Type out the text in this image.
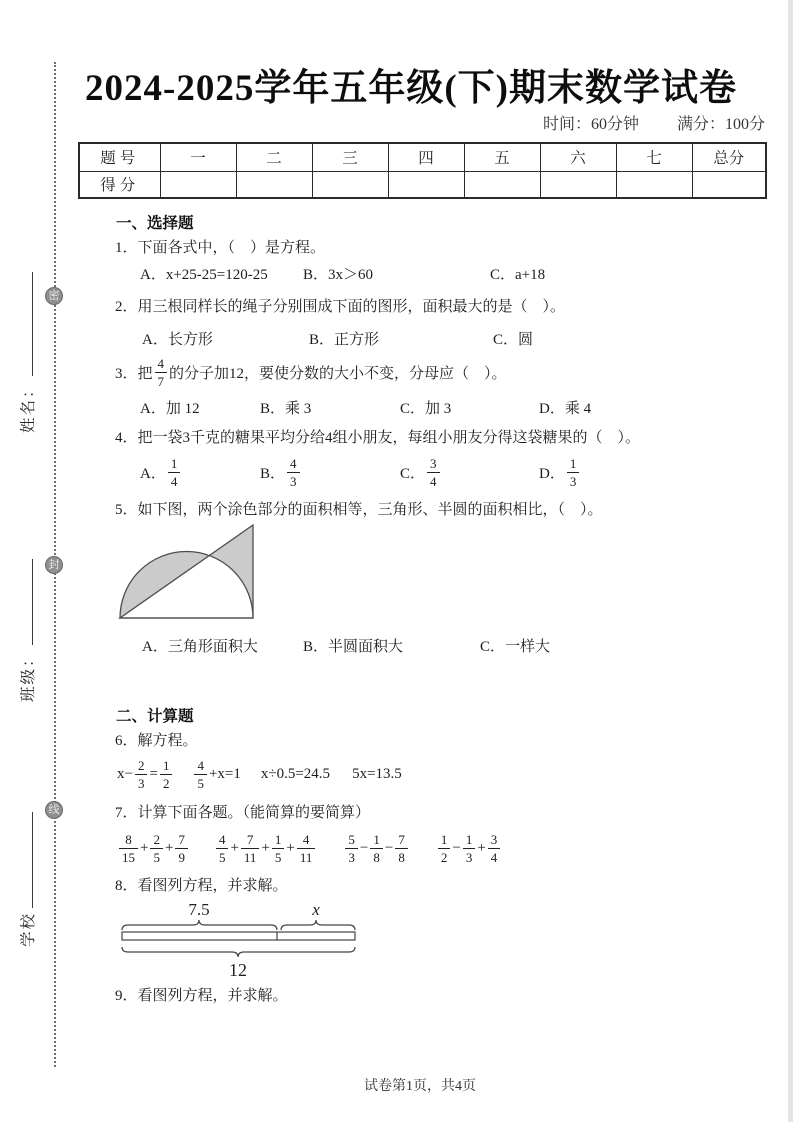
密
封
线
姓名：
班级：
学校
2024-2025学年五年级(下)期末数学试卷
时间：60分钟 满分：100分
题号	一	二	三	四	五	六	七	总分
得分								
一、选择题
1．下面各式中，（　）是方程。
A．x+25-25=120-25	B．3x＞60	C．a+18
2．用三根同样长的绳子分别围成下面的图形，面积最大的是（　）。
A．长方形	B．正方形	C．圆
3．把 $\frac{4}{7}$ 的分子加12，要使分数的大小不变，分母应（　）。
A．加 12	B．乘 3	C．加 3	D．乘 4
4．把一袋3千克的糖果平均分给4组小朋友，每组小朋友分得这袋糖果的（　）。
A． $\frac{1}{4}$	B． $\frac{4}{3}$	C． $\frac{3}{4}$	D． $\frac{1}{3}$
5．如下图，两个涂色部分的面积相等，三角形、半圆的面积相比，（　）。
A．三角形面积大	B．半圆面积大	C．一样大
二、计算题
6．解方程。
$x- \frac{2}{3} = \frac{1}{2} \frac{4}{5} +x=1$ x÷0.5=24.5 5x=13.5
7．计算下面各题。（能简算的要简算）
$\frac{8}{15} + \frac{2}{5} + \frac{7}{9} \frac{4}{5} + \frac{7}{11} + \frac{1}{5} + \frac{4}{11} \frac{5}{3} - \frac{1}{8} - \frac{7}{8} \frac{1}{2} - \frac{1}{3} + \frac{3}{4}$
8．看图列方程，并求解。
7.5	x
12
9．看图列方程，并求解。
试卷第1页，共4页
